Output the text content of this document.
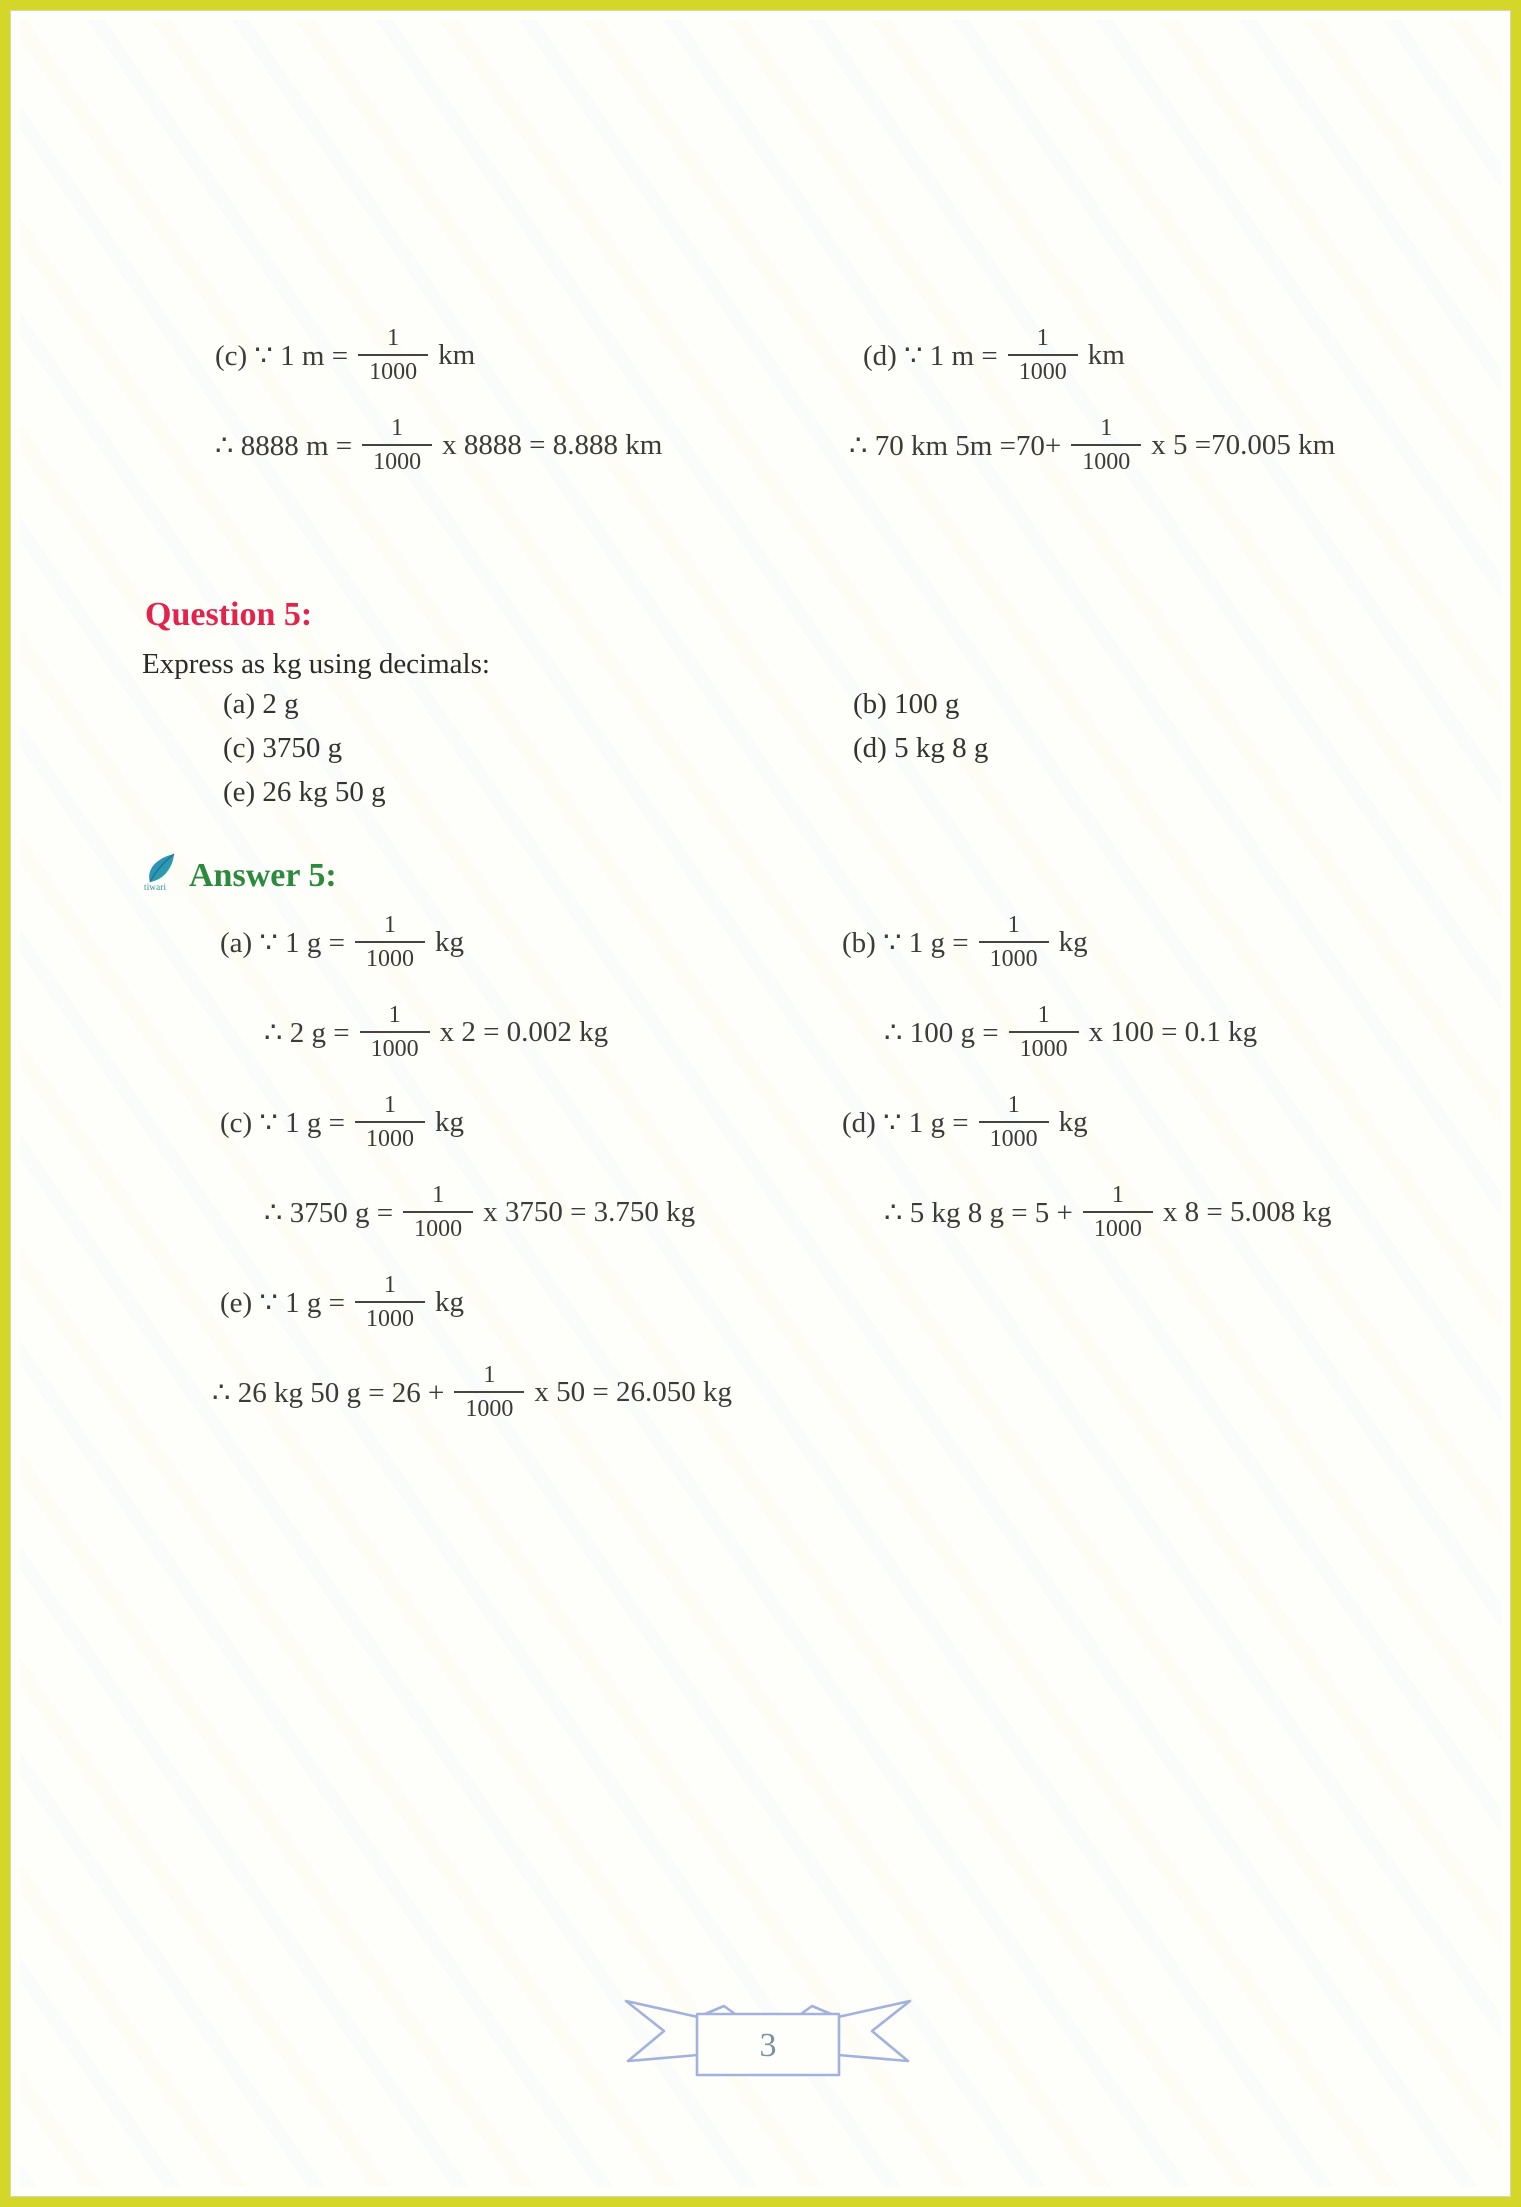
(c) ∵ 1 $m = \frac{1}{1000}$ km
∴ 8888 $m = \frac{1}{1000}$ x 8888 = 8.888 km
(d) ∵ 1 $m = \frac{1}{1000}$ km
∴ 70 km $5m =70+ \frac{1}{1000}$ x 5 =70.005 km
Question 5:
Express as kg using decimals:
(a) 2 g	(b) 100 g
(c) 3750 g	(d) 5 kg 8 g
(e) 26 kg 50 g
tiwari Answer 5:
(a) ∵ 1 $g = \frac{1}{1000}$ kg
∴ 2 $g = \frac{1}{1000}$ x 2 = 0.002 kg
(c) ∵ 1 $g = \frac{1}{1000}$ kg
∴ 3750 $g = \frac{1}{1000}$ x 3750 = 3.750 kg
(e) ∵ 1 $g = \frac{1}{1000}$ kg
∴ 26 kg 50 $g = 26 + \frac{1}{1000}$ x 50 = 26.050 kg
(b) ∵ 1 $g = \frac{1}{1000}$ kg
∴ 100 $g = \frac{1}{1000}$ x 100 = 0.1 kg
(d) ∵ 1 $g = \frac{1}{1000}$ kg
∴ 5 kg 8 $g = 5 + \frac{1}{1000}$ x 8 = 5.008 kg
3
